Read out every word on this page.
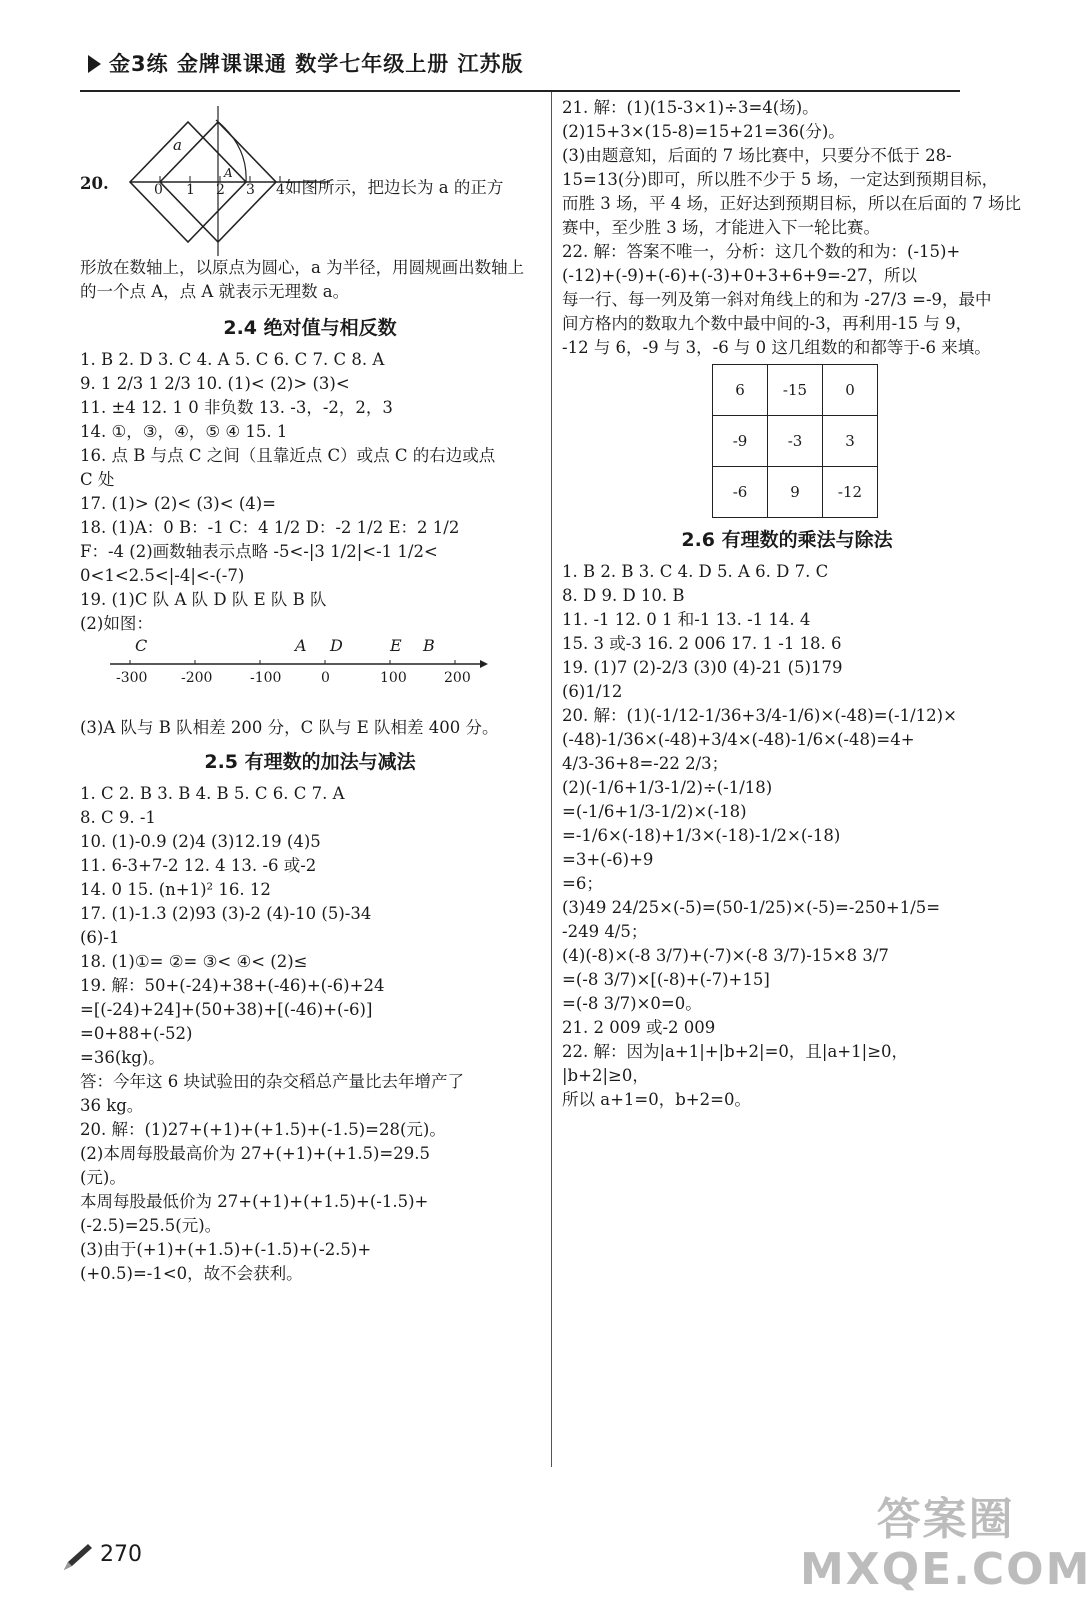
金3练 金牌课课通 数学七年级上册 江苏版
20.
a
0 1 2 3 4
A
如图所示，把边长为 a 的正方
形放在数轴上，以原点为圆心，a 为半径，用圆规画出数轴上
的一个点 A，点 A 就表示无理数 a。
2.4 绝对值与相反数
1. B 2. D 3. C 4. A 5. C 6. C 7. C 8. A
9. 1 2/3 1 2/3 10. (1)< (2)> (3)<
11. ±4 12. 1 0 非负数 13. -3，-2，2，3
14. ①，③，④，⑤ ④ 15. 1
16. 点 B 与点 C 之间（且靠近点 C）或点 C 的右边或点
C 处
17. (1)> (2)< (3)< (4)=
18. (1)A：0 B：-1 C：4 1/2 D：-2 1/2 E：2 1/2
F：-4 (2)画数轴表示点略 -5<-|3 1/2|<-1 1/2<
0<1<2.5<|-4|<-(-7)
19. (1)C 队 A 队 D 队 E 队 B 队
(2)如图：
C	A D	E B
-300 -200	-100	0	100	200
(3)A 队与 B 队相差 200 分，C 队与 E 队相差 400 分。
2.5 有理数的加法与减法
1. C 2. B 3. B 4. B 5. C 6. C 7. A
8. C 9. -1
10. (1)-0.9 (2)4 (3)12.19 (4)5
11. 6-3+7-2 12. 4 13. -6 或-2
14. 0 15. (n+1)² 16. 12
17. (1)-1.3 (2)93 (3)-2 (4)-10 (5)-34
(6)-1
18. (1)①= ②= ③< ④< (2)≤
19. 解：50+(-24)+38+(-46)+(-6)+24
=[(-24)+24]+(50+38)+[(-46)+(-6)]
=0+88+(-52)
=36(kg)。
答：今年这 6 块试验田的杂交稻总产量比去年增产了
36 kg。
20. 解：(1)27+(+1)+(+1.5)+(-1.5)=28(元)。
(2)本周每股最高价为 27+(+1)+(+1.5)=29.5
(元)。
本周每股最低价为 27+(+1)+(+1.5)+(-1.5)+
(-2.5)=25.5(元)。
(3)由于(+1)+(+1.5)+(-1.5)+(-2.5)+
(+0.5)=-1<0，故不会获利。
21. 解：(1)(15-3×1)÷3=4(场)。
(2)15+3×(15-8)=15+21=36(分)。
(3)由题意知，后面的 7 场比赛中，只要分不低于 28-
15=13(分)即可，所以胜不少于 5 场，一定达到预期目标，
而胜 3 场，平 4 场，正好达到预期目标，所以在后面的 7 场比
赛中，至少胜 3 场，才能进入下一轮比赛。
22. 解：答案不唯一，分析：这几个数的和为：(-15)+
(-12)+(-9)+(-6)+(-3)+0+3+6+9=-27，所以
每一行、每一列及第一斜对角线上的和为 -27/3 =-9，最中
间方格内的数取九个数中最中间的-3，再利用-15 与 9，
-12 与 6，-9 与 3，-6 与 0 这几组数的和都等于-6 来填。
6	-15	0
-9	-3	3
-6	9	-12
2.6 有理数的乘法与除法
1. B 2. B 3. C 4. D 5. A 6. D 7. C
8. D 9. D 10. B
11. -1 12. 0 1 和-1 13. -1 14. 4
15. 3 或-3 16. 2 006 17. 1 -1 18. 6
19. (1)7 (2)-2/3 (3)0 (4)-21 (5)179
(6)1/12
20. 解：(1)(-1/12-1/36+3/4-1/6)×(-48)=(-1/12)×
(-48)-1/36×(-48)+3/4×(-48)-1/6×(-48)=4+
4/3-36+8=-22 2/3；
(2)(-1/6+1/3-1/2)÷(-1/18)
=(-1/6+1/3-1/2)×(-18)
=-1/6×(-18)+1/3×(-18)-1/2×(-18)
=3+(-6)+9
=6；
(3)49 24/25×(-5)=(50-1/25)×(-5)=-250+1/5=
-249 4/5；
(4)(-8)×(-8 3/7)+(-7)×(-8 3/7)-15×8 3/7
=(-8 3/7)×[(-8)+(-7)+15]
=(-8 3/7)×0=0。
21. 2 009 或-2 009
22. 解：因为|a+1|+|b+2|=0，且|a+1|≥0，
|b+2|≥0，
所以 a+1=0，b+2=0。
270
答案圈
MXQE.COM
